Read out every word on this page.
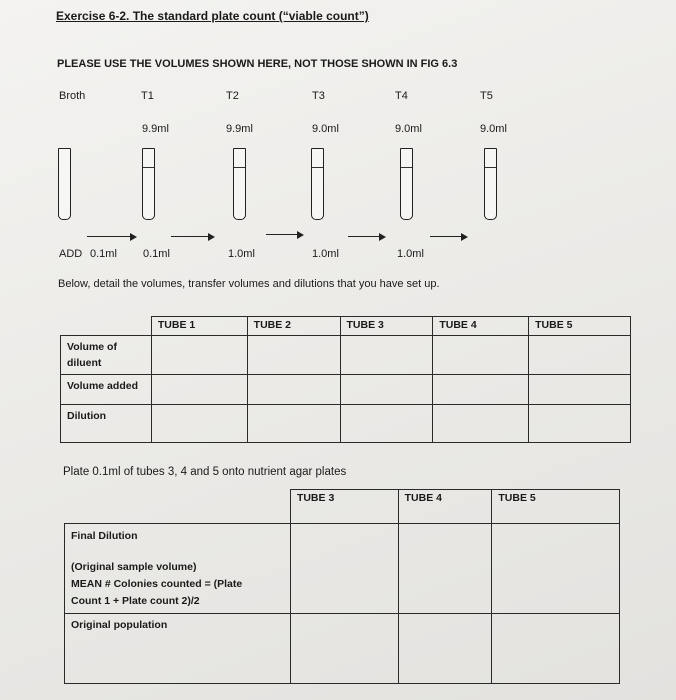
Exercise 6-2. The standard plate count (“viable count”)
PLEASE USE THE VOLUMES SHOWN HERE, NOT THOSE SHOWN IN FIG 6.3
Broth	T1	T2	T3	T4	T5
9.9ml	9.9ml	9.0ml	9.0ml	9.0ml
ADD 0.1ml 0.1ml	1.0ml	1.0ml	1.0ml
Below, detail the volumes, transfer volumes and dilutions that you have set up.
	TUBE 1	TUBE 2	TUBE 3	TUBE 4	TUBE 5
Volume of diluent					
Volume added					
Dilution					
Plate 0.1ml of tubes 3, 4 and 5 onto nutrient agar plates
	TUBE 3	TUBE 4	TUBE 5

Final Dilution
(Original sample volume)
MEAN # Colonies counted = (Plate Count 1 + Plate count 2)/2			

Original population			
